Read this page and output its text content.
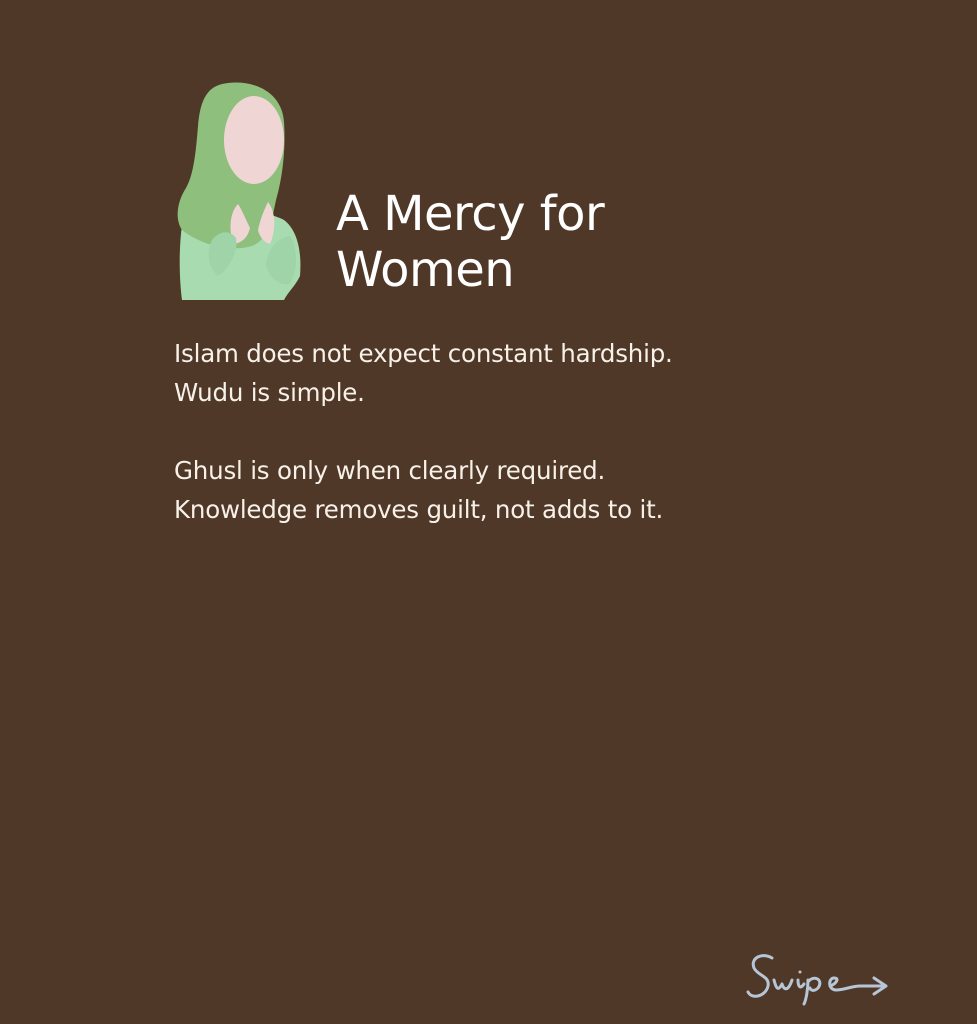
A Mercy for
Women

Islam does not expect constant hardship.
Wudu is simple.

Ghusl is only when clearly required.
Knowledge removes guilt, not adds to it.
